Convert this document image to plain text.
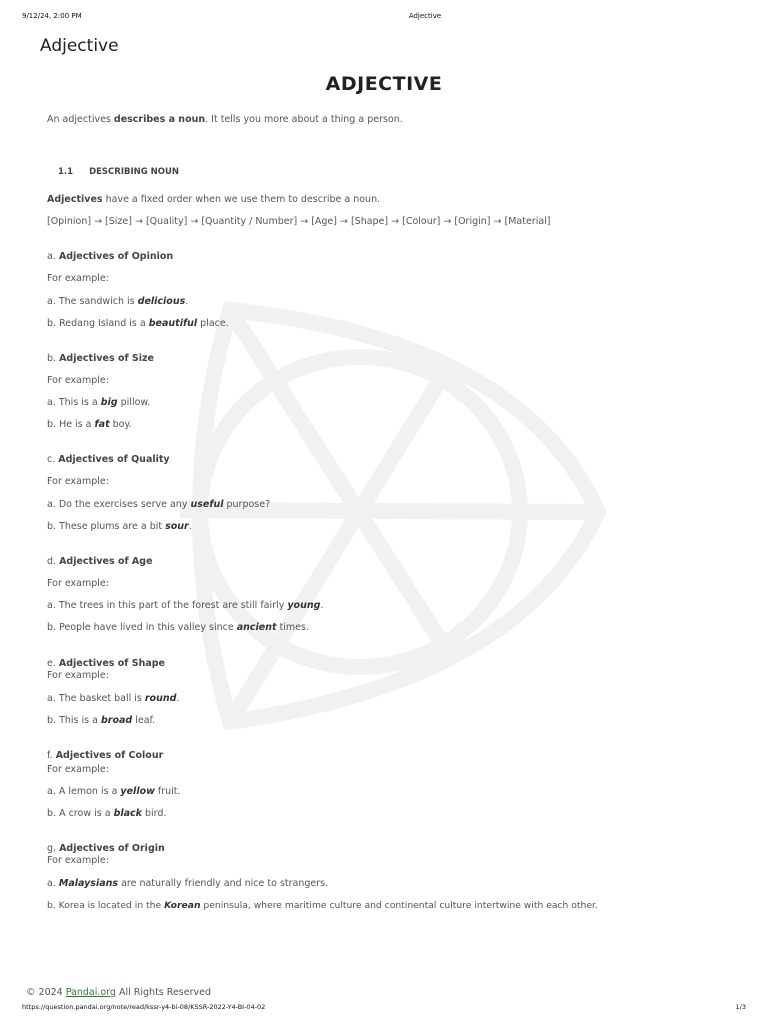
9/12/24, 2:00 PM	Adjective
Adjective
ADJECTIVE
An adjectives describes a noun. It tells you more about a thing a person.
1.1 DESCRIBING NOUN
Adjectives have a fixed order when we use them to describe a noun.
[Opinion] → [Size] → [Quality] → [Quantity / Number] → [Age] → [Shape] → [Colour] → [Origin] → [Material]
a. Adjectives of Opinion
For example:
a. The sandwich is delicious.
b. Redang Island is a beautiful place.
b. Adjectives of Size
For example:
a. This is a big pillow.
b. He is a fat boy.
c. Adjectives of Quality
For example:
a. Do the exercises serve any useful purpose?
b. These plums are a bit sour.
d. Adjectives of Age
For example:
a. The trees in this part of the forest are still fairly young.
b. People have lived in this valley since ancient times.
e. Adjectives of Shape
For example:
a. The basket ball is round.
b. This is a broad leaf.
f. Adjectives of Colour
For example:
a. A lemon is a yellow fruit.
b. A crow is a black bird.
g. Adjectives of Origin
For example:
a. Malaysians are naturally friendly and nice to strangers.
b. Korea is located in the Korean peninsula, where maritime culture and continental culture intertwine with each other.
© 2024 Pandai.org All Rights Reserved
https://question.pandai.org/note/read/kssr-y4-bi-08/KSSR-2022-Y4-BI-04-02	1/3
